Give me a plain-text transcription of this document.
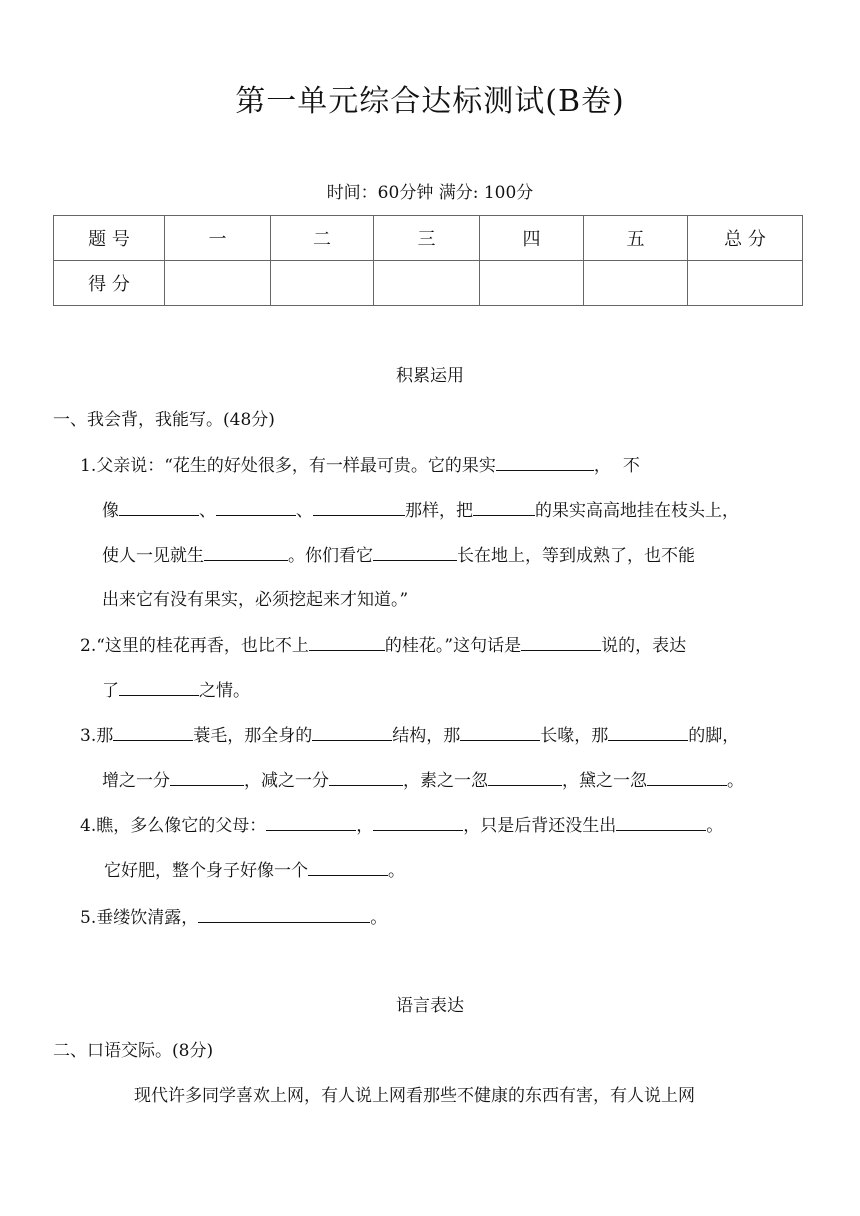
第一单元综合达标测试(B卷)
时间：60分钟 满分: 100分
题 号	一	二	三	四	五	总 分
得 分						
积累运用
一、我会背，我能写。(48分)
1.父亲说：“花生的好处很多，有一样最可贵。它的果实	，不
像	、	、	那样，把	的果实高高地挂在枝头上，
使人一见就生	。你们看它	长在地上，等到成熟了，也不能
出来它有没有果实，必须挖起来才知道。”
2.“这里的桂花再香，也比不上	的桂花。”这句话是	说的，表达
了	之情。
3.那	蓑毛，那全身的	结构，那	长喙，那	的脚，
增之一分	，减之一分	，素之一忽	，黛之一忽	。
4.瞧，多么像它的父母：	，	，只是后背还没生出	。
它好肥，整个身子好像一个	。
5.垂缕饮清露，	。
语言表达
二、口语交际。(8分)
现代许多同学喜欢上网，有人说上网看那些不健康的东西有害，有人说上网
